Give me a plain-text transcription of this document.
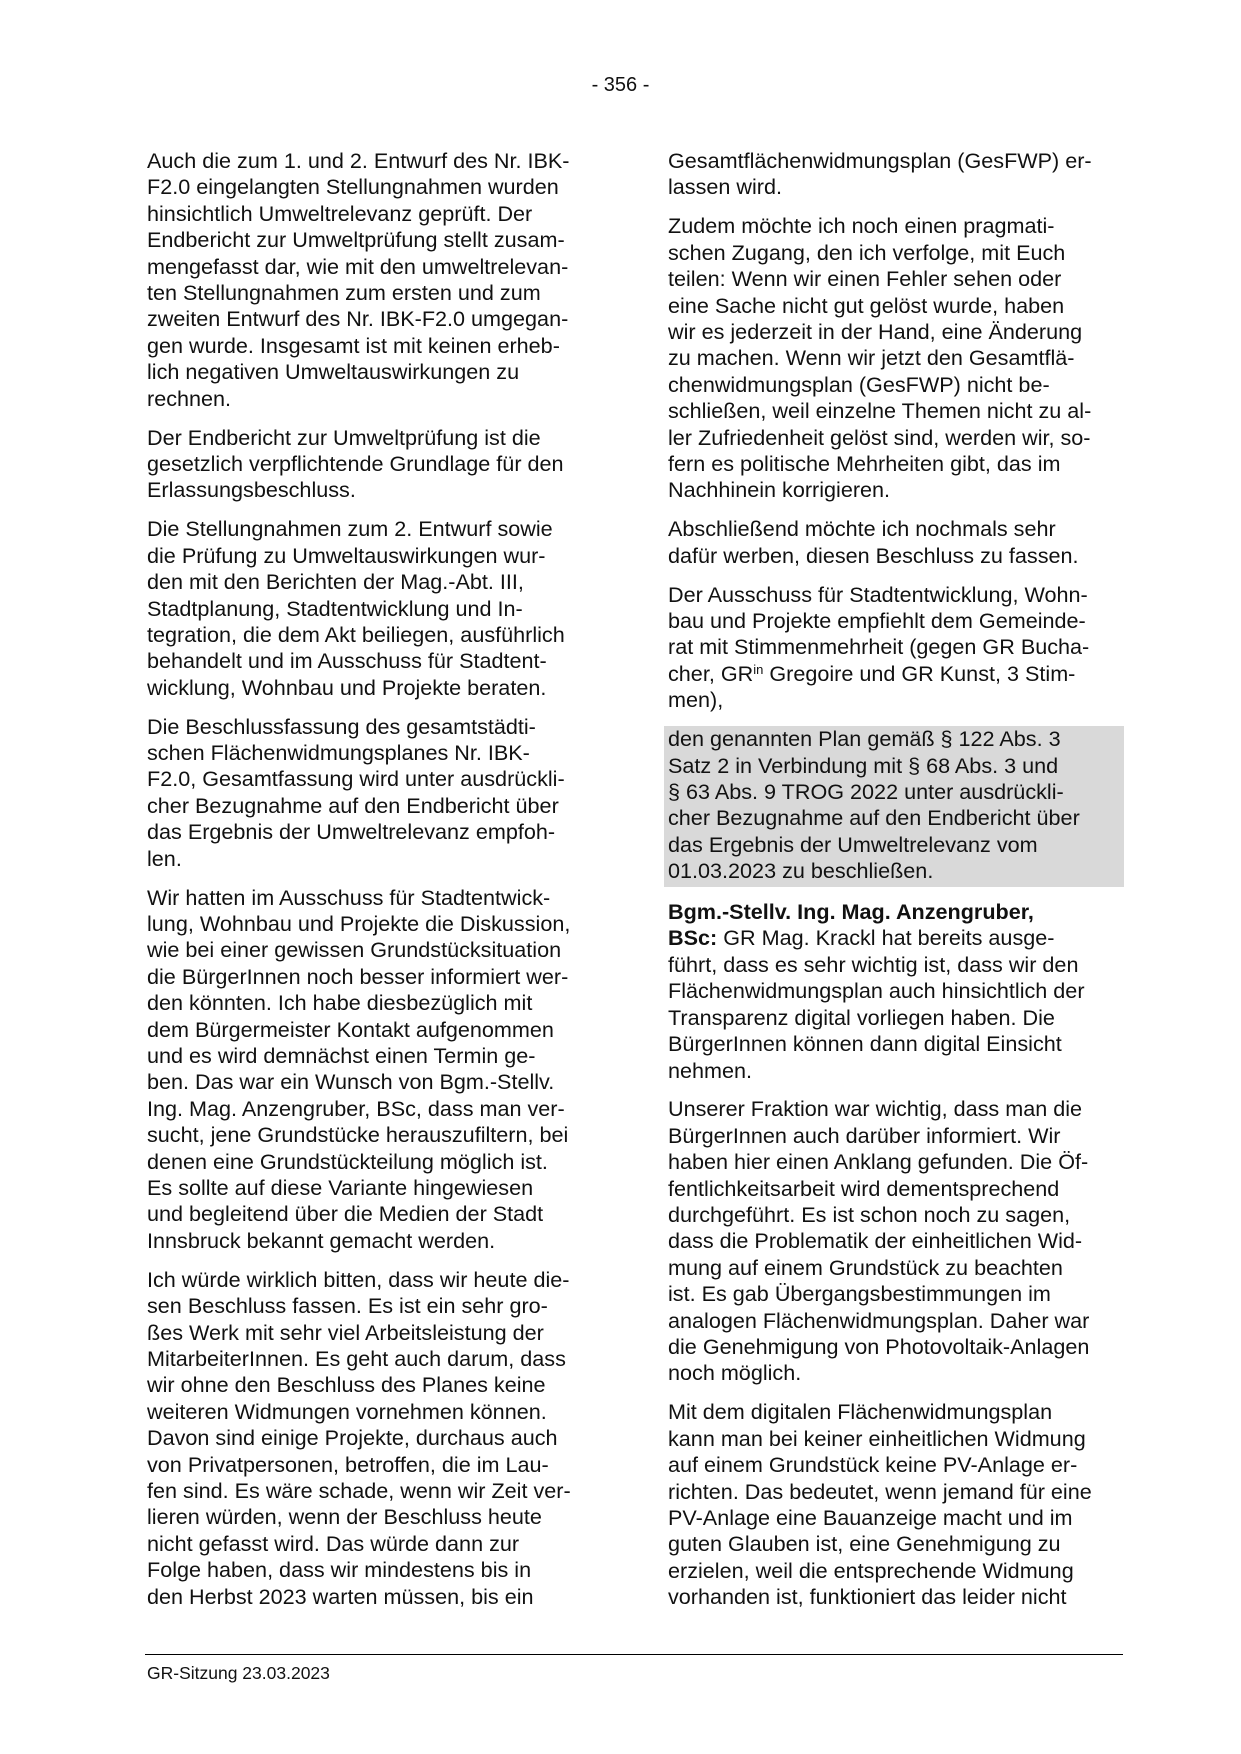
- 356 -

Auch die zum 1. und 2. Entwurf des Nr. IBK-
F2.0 eingelangten Stellungnahmen wurden
hinsichtlich Umweltrelevanz geprüft. Der
Endbericht zur Umweltprüfung stellt zusam-
mengefasst dar, wie mit den umweltrelevan-
ten Stellungnahmen zum ersten und zum
zweiten Entwurf des Nr. IBK-F2.0 umgegan-
gen wurde. Insgesamt ist mit keinen erheb-
lich negativen Umweltauswirkungen zu
rechnen.

Der Endbericht zur Umweltprüfung ist die
gesetzlich verpflichtende Grundlage für den
Erlassungsbeschluss.

Die Stellungnahmen zum 2. Entwurf sowie
die Prüfung zu Umweltauswirkungen wur-
den mit den Berichten der Mag.-Abt. III,
Stadtplanung, Stadtentwicklung und In-
tegration, die dem Akt beiliegen, ausführlich
behandelt und im Ausschuss für Stadtent-
wicklung, Wohnbau und Projekte beraten.

Die Beschlussfassung des gesamtstädti-
schen Flächenwidmungsplanes Nr. IBK-
F2.0, Gesamtfassung wird unter ausdrückli-
cher Bezugnahme auf den Endbericht über
das Ergebnis der Umweltrelevanz empfoh-
len.

Wir hatten im Ausschuss für Stadtentwick-
lung, Wohnbau und Projekte die Diskussion,
wie bei einer gewissen Grundstücksituation
die BürgerInnen noch besser informiert wer-
den könnten. Ich habe diesbezüglich mit
dem Bürgermeister Kontakt aufgenommen
und es wird demnächst einen Termin ge-
ben. Das war ein Wunsch von Bgm.-Stellv.
Ing. Mag. Anzengruber, BSc, dass man ver-
sucht, jene Grundstücke herauszufiltern, bei
denen eine Grundstückteilung möglich ist.
Es sollte auf diese Variante hingewiesen
und begleitend über die Medien der Stadt
Innsbruck bekannt gemacht werden.

Ich würde wirklich bitten, dass wir heute die-
sen Beschluss fassen. Es ist ein sehr gro-
ßes Werk mit sehr viel Arbeitsleistung der
MitarbeiterInnen. Es geht auch darum, dass
wir ohne den Beschluss des Planes keine
weiteren Widmungen vornehmen können.
Davon sind einige Projekte, durchaus auch
von Privatpersonen, betroffen, die im Lau-
fen sind. Es wäre schade, wenn wir Zeit ver-
lieren würden, wenn der Beschluss heute
nicht gefasst wird. Das würde dann zur
Folge haben, dass wir mindestens bis in
den Herbst 2023 warten müssen, bis ein

Gesamtflächenwidmungsplan (GesFWP) er-
lassen wird.

Zudem möchte ich noch einen pragmati-
schen Zugang, den ich verfolge, mit Euch
teilen: Wenn wir einen Fehler sehen oder
eine Sache nicht gut gelöst wurde, haben
wir es jederzeit in der Hand, eine Änderung
zu machen. Wenn wir jetzt den Gesamtflä-
chenwidmungsplan (GesFWP) nicht be-
schließen, weil einzelne Themen nicht zu al-
ler Zufriedenheit gelöst sind, werden wir, so-
fern es politische Mehrheiten gibt, das im
Nachhinein korrigieren.

Abschließend möchte ich nochmals sehr
dafür werben, diesen Beschluss zu fassen.

Der Ausschuss für Stadtentwicklung, Wohn-
bau und Projekte empfiehlt dem Gemeinde-
rat mit Stimmenmehrheit (gegen GR Bucha-
cher, $GR^{in}$ Gregoire und GR Kunst, 3 Stim-
men),

den genannten Plan gemäß § 122 Abs. 3
Satz 2 in Verbindung mit § 68 Abs. 3 und
§ 63 Abs. 9 TROG 2022 unter ausdrückli-
cher Bezugnahme auf den Endbericht über
das Ergebnis der Umweltrelevanz vom
01.03.2023 zu beschließen.

Bgm.-Stellv. Ing. Mag. Anzengruber,
BSc: GR Mag. Krackl hat bereits ausge-
führt, dass es sehr wichtig ist, dass wir den
Flächenwidmungsplan auch hinsichtlich der
Transparenz digital vorliegen haben. Die
BürgerInnen können dann digital Einsicht
nehmen.

Unserer Fraktion war wichtig, dass man die
BürgerInnen auch darüber informiert. Wir
haben hier einen Anklang gefunden. Die Öf-
fentlichkeitsarbeit wird dementsprechend
durchgeführt. Es ist schon noch zu sagen,
dass die Problematik der einheitlichen Wid-
mung auf einem Grundstück zu beachten
ist. Es gab Übergangsbestimmungen im
analogen Flächenwidmungsplan. Daher war
die Genehmigung von Photovoltaik-Anlagen
noch möglich.

Mit dem digitalen Flächenwidmungsplan
kann man bei keiner einheitlichen Widmung
auf einem Grundstück keine PV-Anlage er-
richten. Das bedeutet, wenn jemand für eine
PV-Anlage eine Bauanzeige macht und im
guten Glauben ist, eine Genehmigung zu
erzielen, weil die entsprechende Widmung
vorhanden ist, funktioniert das leider nicht

GR-Sitzung 23.03.2023
